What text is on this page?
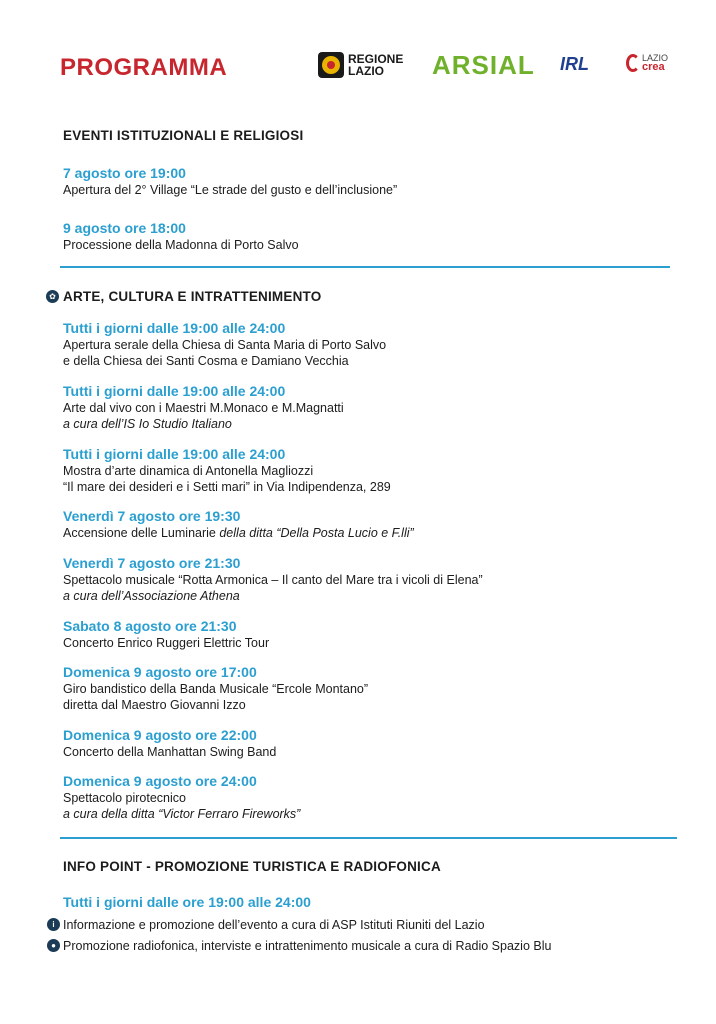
PROGRAMMA	REGIONE
LAZIO	ARSIAL IRL	LAZIO
crea
EVENTI ISTITUZIONALI E RELIGIOSI
7 agosto ore 19:00
Apertura del 2° Village “Le strade del gusto e dell’inclusione”
9 agosto ore 18:00
Processione della Madonna di Porto Salvo
✿ ARTE, CULTURA E INTRATTENIMENTO
Tutti i giorni dalle 19:00 alle 24:00
Apertura serale della Chiesa di Santa Maria di Porto Salvo
e della Chiesa dei Santi Cosma e Damiano Vecchia
Tutti i giorni dalle 19:00 alle 24:00
Arte dal vivo con i Maestri M.Monaco e M.Magnatti
a cura dell’IS Io Studio Italiano
Tutti i giorni dalle 19:00 alle 24:00
Mostra d’arte dinamica di Antonella Magliozzi
“Il mare dei desideri e i Setti mari” in Via Indipendenza, 289
Venerdì 7 agosto ore 19:30
Accensione delle Luminarie della ditta “Della Posta Lucio e F.lli”
Venerdì 7 agosto ore 21:30
Spettacolo musicale “Rotta Armonica – Il canto del Mare tra i vicoli di Elena”
a cura dell’Associazione Athena
Sabato 8 agosto ore 21:30
Concerto Enrico Ruggeri Elettric Tour
Domenica 9 agosto ore 17:00
Giro bandistico della Banda Musicale “Ercole Montano”
diretta dal Maestro Giovanni Izzo
Domenica 9 agosto ore 22:00
Concerto della Manhattan Swing Band
Domenica 9 agosto ore 24:00
Spettacolo pirotecnico
a cura della ditta “Victor Ferraro Fireworks”
INFO POINT - PROMOZIONE TURISTICA E RADIOFONICA
Tutti i giorni dalle ore 19:00 alle 24:00
i Informazione e promozione dell’evento a cura di ASP Istituti Riuniti del Lazio
● Promozione radiofonica, interviste e intrattenimento musicale a cura di Radio Spazio Blu
